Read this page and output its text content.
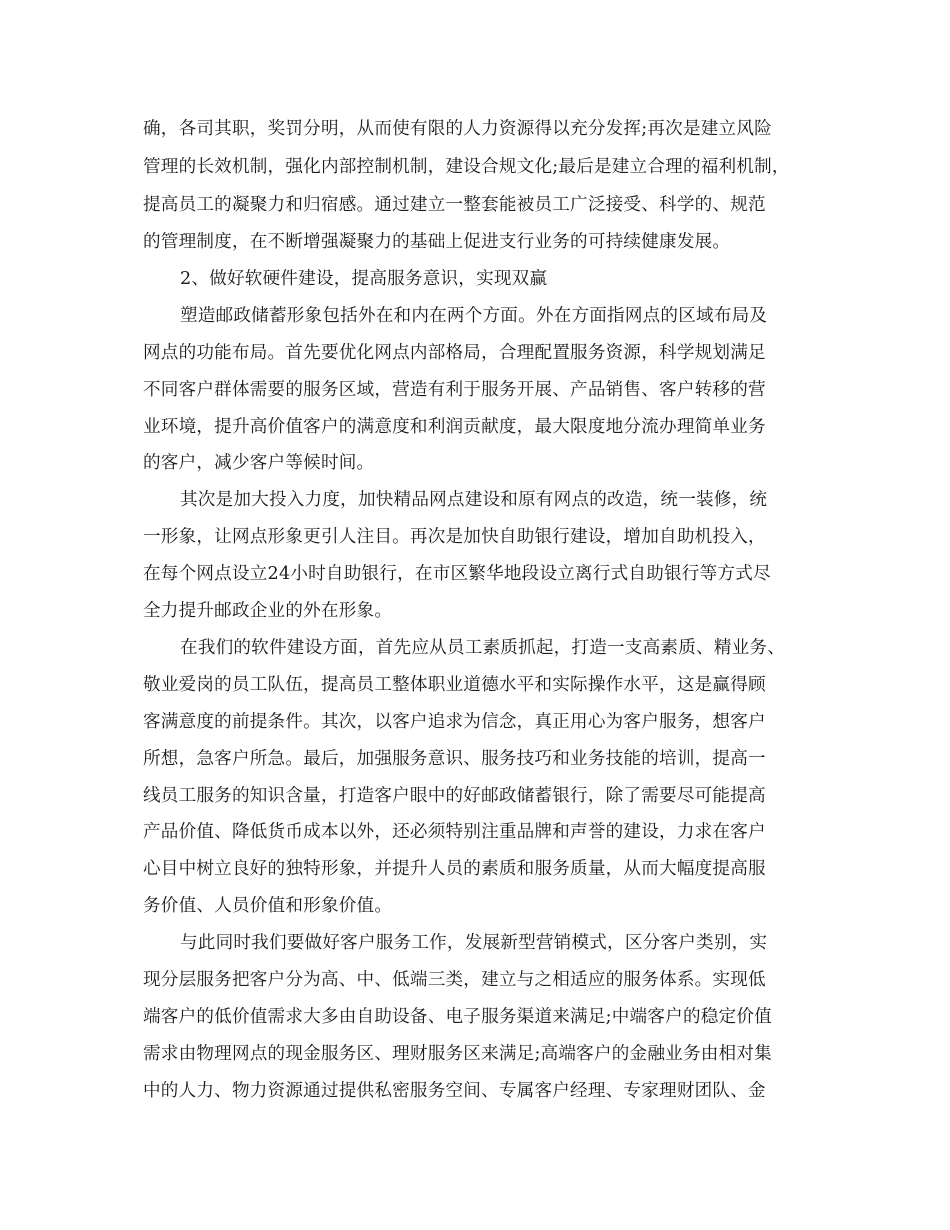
确，各司其职，奖罚分明，从而使有限的人力资源得以充分发挥;再次是建立风险
管理的长效机制，强化内部控制机制，建设合规文化;最后是建立合理的福利机制，
提高员工的凝聚力和归宿感。通过建立一整套能被员工广泛接受、科学的、规范
的管理制度，在不断增强凝聚力的基础上促进支行业务的可持续健康发展。
2、做好软硬件建设，提高服务意识，实现双赢
塑造邮政储蓄形象包括外在和内在两个方面。外在方面指网点的区域布局及
网点的功能布局。首先要优化网点内部格局，合理配置服务资源，科学规划满足
不同客户群体需要的服务区域，营造有利于服务开展、产品销售、客户转移的营
业环境，提升高价值客户的满意度和利润贡献度，最大限度地分流办理简单业务
的客户，减少客户等候时间。
其次是加大投入力度，加快精品网点建设和原有网点的改造，统一装修，统
一形象，让网点形象更引人注目。再次是加快自助银行建设，增加自助机投入，
在每个网点设立24小时自助银行，在市区繁华地段设立离行式自助银行等方式尽
全力提升邮政企业的外在形象。
在我们的软件建设方面，首先应从员工素质抓起，打造一支高素质、精业务、
敬业爱岗的员工队伍，提高员工整体职业道德水平和实际操作水平，这是赢得顾
客满意度的前提条件。其次，以客户追求为信念，真正用心为客户服务，想客户
所想，急客户所急。最后，加强服务意识、服务技巧和业务技能的培训，提高一
线员工服务的知识含量，打造客户眼中的好邮政储蓄银行，除了需要尽可能提高
产品价值、降低货币成本以外，还必须特别注重品牌和声誉的建设，力求在客户
心目中树立良好的独特形象，并提升人员的素质和服务质量，从而大幅度提高服
务价值、人员价值和形象价值。
与此同时我们要做好客户服务工作，发展新型营销模式，区分客户类别，实
现分层服务把客户分为高、中、低端三类，建立与之相适应的服务体系。实现低
端客户的低价值需求大多由自助设备、电子服务渠道来满足;中端客户的稳定价值
需求由物理网点的现金服务区、理财服务区来满足;高端客户的金融业务由相对集
中的人力、物力资源通过提供私密服务空间、专属客户经理、专家理财团队、金
